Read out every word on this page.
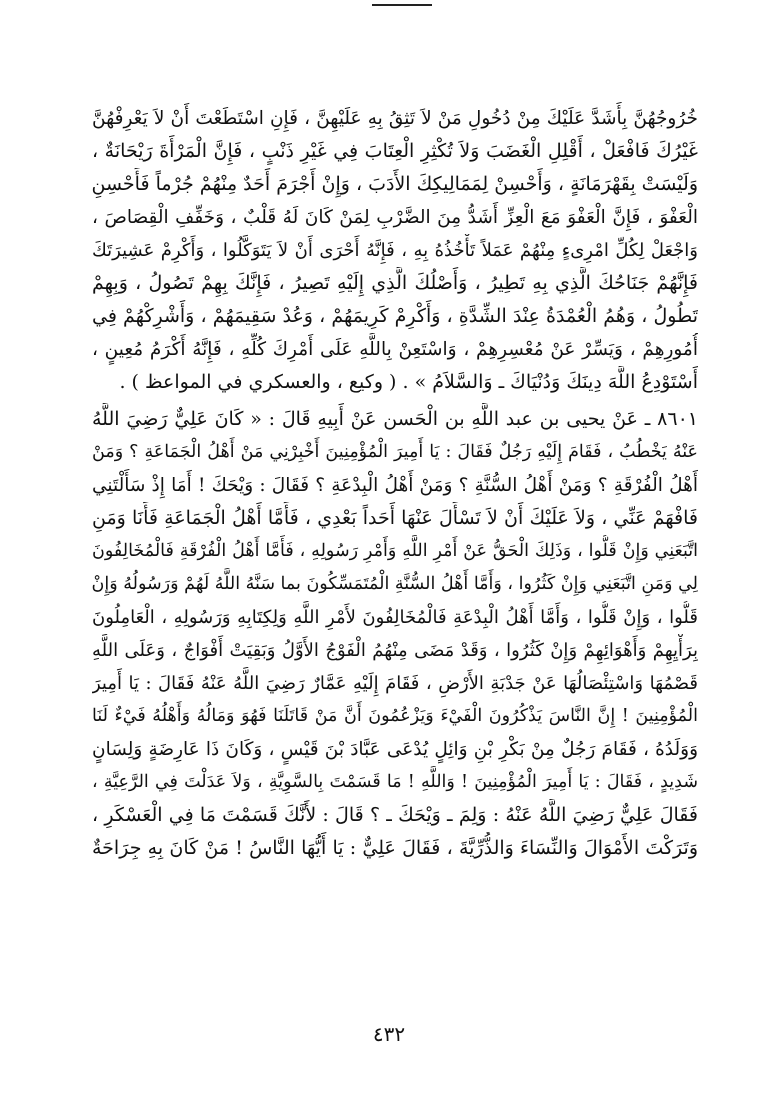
خُرُوجُهُنَّ بِأَشَدَّ عَلَيْكَ مِنْ دُخُولِ مَنْ لاَ تَثِقُ بِهِ عَلَيْهِنَّ ، فَإِنِ اسْتَطَعْتَ أَنْ لاَ يَعْرِفْهُنَّ
غَيْرُكَ فَافْعَلْ ، أَقْلِلِ الْغَضَبَ وَلاَ تُكْثِرِ الْعِتَابَ فِي غَيْرِ ذَنْبٍ ، فَإِنَّ الْمَرْأَةَ رَيْحَانَةٌ ،
وَلَيْسَتْ بِقَهْرَمَانَةٍ ، وَأَحْسِنْ لِمَمَالِيكِكَ الأَدَبَ ، وَإِنْ أَجْرَمَ أَحَدٌ مِنْهُمْ جُرْماً فَأَحْسِنِ
الْعَفْوَ ، فَإِنَّ الْعَفْوَ مَعَ الْعِزِّ أَشَدُّ مِنَ الضَّرْبِ لِمَنْ كَانَ لَهُ قَلْبٌ ، وَخَفِّفِ الْقِصَاصَ ،
وَاجْعَلْ لِكُلِّ امْرِىءٍ مِنْهُمْ عَمَلاً تَأْخُذُهُ بِهِ ، فَإِنَّهُ أَحْرَى أَنْ لاَ يَتَوَكَّلُوا ، وَأَكْرِمْ عَشِيرَتَكَ
فَإِنَّهُمْ جَنَاحُكَ الَّذِي بِهِ تَطِيرُ ، وَأَصْلُكَ الَّذِي إِلَيْهِ تَصِيرُ ، فَإِنَّكَ بِهِمْ تَصُولُ ، وَبِهِمْ
تَطُولُ ، وَهُمُ الْعُمْدَةُ عِنْدَ الشِّدَّةِ ، وَأَكْرِمْ كَرِيمَهُمْ ، وَعُدْ سَقِيمَهُمْ ، وَأَشْرِكْهُمْ فِي
أُمُورِهِمْ ، وَيَسِّرْ عَنْ مُعْسِرِهِمْ ، وَاسْتَعِنْ بِاللَّهِ عَلَى أَمْرِكَ كُلِّهِ ، فَإِنَّهُ أَكْرَمُ مُعِينٍ ،
أَسْتَوْدِعُ اللَّهَ دِينَكَ وَدُنْيَاكَ ـ وَالسَّلاَمُ » . ( وكيع ، والعسكري في المواعظ ) .
٨٦٠١ ـ عَنْ يحيى بن عبد اللَّهِ بن الْحَسن عَنْ أَبِيهِ قَالَ : « كَانَ عَلِيٌّ رَضِيَ اللَّهُ
عَنْهُ يَخْطُبُ ، فَقَامَ إِلَيْهِ رَجُلٌ فَقَالَ : يَا أَمِيرَ الْمُؤْمِنِينَ أَخْبِرْنِي مَنْ أَهْلُ الْجَمَاعَةِ ؟ وَمَنْ
أَهْلُ الْفُرْقَةِ ؟ وَمَنْ أَهْلُ السُّنَّةِ ؟ وَمَنْ أَهْلُ الْبِدْعَةِ ؟ فَقَالَ : وَيْحَكَ ! أَمَا إِذْ سَأَلْتَنِي
فَافْهَمْ عَنِّي ، وَلاَ عَلَيْكَ أَنْ لاَ تَسْأَلَ عَنْهَا أَحَداً بَعْدِي ، فَأَمَّا أَهْلُ الْجَمَاعَةِ فَأَنَا وَمَنِ
اتَّبَعَنِي وَإِنْ قَلُّوا ، وَذَلِكَ الْحَقُّ عَنْ أَمْرِ اللَّهِ وَأَمْرِ رَسُولِهِ ، فَأَمَّا أَهْلُ الْفُرْقَةِ فَالْمُخَالِفُونَ
لِي وَمَنِ اتَّبَعَنِي وَإِنْ كَثُرُوا ، وَأَمَّا أَهْلُ السُّنَّةِ الْمُتَمَسِّكُونَ بما سَنَّهُ اللَّهُ لَهُمْ وَرَسُولُهُ وَإِنْ
قَلُّوا ، وَإِنْ قَلُّوا ، وَأَمَّا أَهْلُ الْبِدْعَةِ فَالْمُخَالِفُونَ لأَمْرِ اللَّهِ وَلِكِتَابِهِ وَرَسُولِهِ ، الْعَامِلُونَ
بِرَأْيِهِمْ وَأَهْوَائِهِمْ وَإِنْ كَثُرُوا ، وَقَدْ مَضَى مِنْهُمُ الْفَوْجُ الأَوَّلُ وَبَقِيَتْ أَفْوَاجٌ ، وَعَلَى اللَّهِ
قَصْمُهَا وَاسْتِئْصَالُهَا عَنْ جَدْبَةِ الأَرْضِ ، فَقَامَ إِلَيْهِ عَمَّارٌ رَضِيَ اللَّهُ عَنْهُ فَقَالَ : يَا أَمِيرَ
الْمُؤْمِنِينَ ! إِنَّ النَّاسَ يَذْكُرُونَ الْفَيْءَ وَيَزْعُمُونَ أَنَّ مَنْ قَاتَلَنَا فَهُوَ وَمَالُهُ وَأَهْلُهُ فَيْءٌ لَنَا
وَوَلَدُهُ ، فَقَامَ رَجُلٌ مِنْ بَكْرِ بْنِ وَائِلٍ يُدْعَى عَبَّادَ بْنَ قَيْسٍ ، وَكَانَ ذَا عَارِضَةٍ وَلِسَانٍ
شَدِيدٍ ، فَقَالَ : يَا أَمِيرَ الْمُؤْمِنِينَ ! وَاللَّهِ ! مَا قَسَمْتَ بِالسَّوِيَّةِ ، وَلاَ عَدَلْتَ فِي الرَّعِيَّةِ ،
فَقَالَ عَلِيٌّ رَضِيَ اللَّهُ عَنْهُ : وَلِمَ ـ وَيْحَكَ ـ ؟ قَالَ : لأَنَّكَ قَسَمْتَ مَا فِي الْعَسْكَرِ ،
وَتَرَكْتَ الأَمْوَالَ وَالنِّسَاءَ وَالذُّرِّيَّةَ ، فَقَالَ عَلِيٌّ : يَا أَيُّهَا النَّاسُ ! مَنْ كَانَ بِهِ جِرَاحَةٌ
٤٣٢
